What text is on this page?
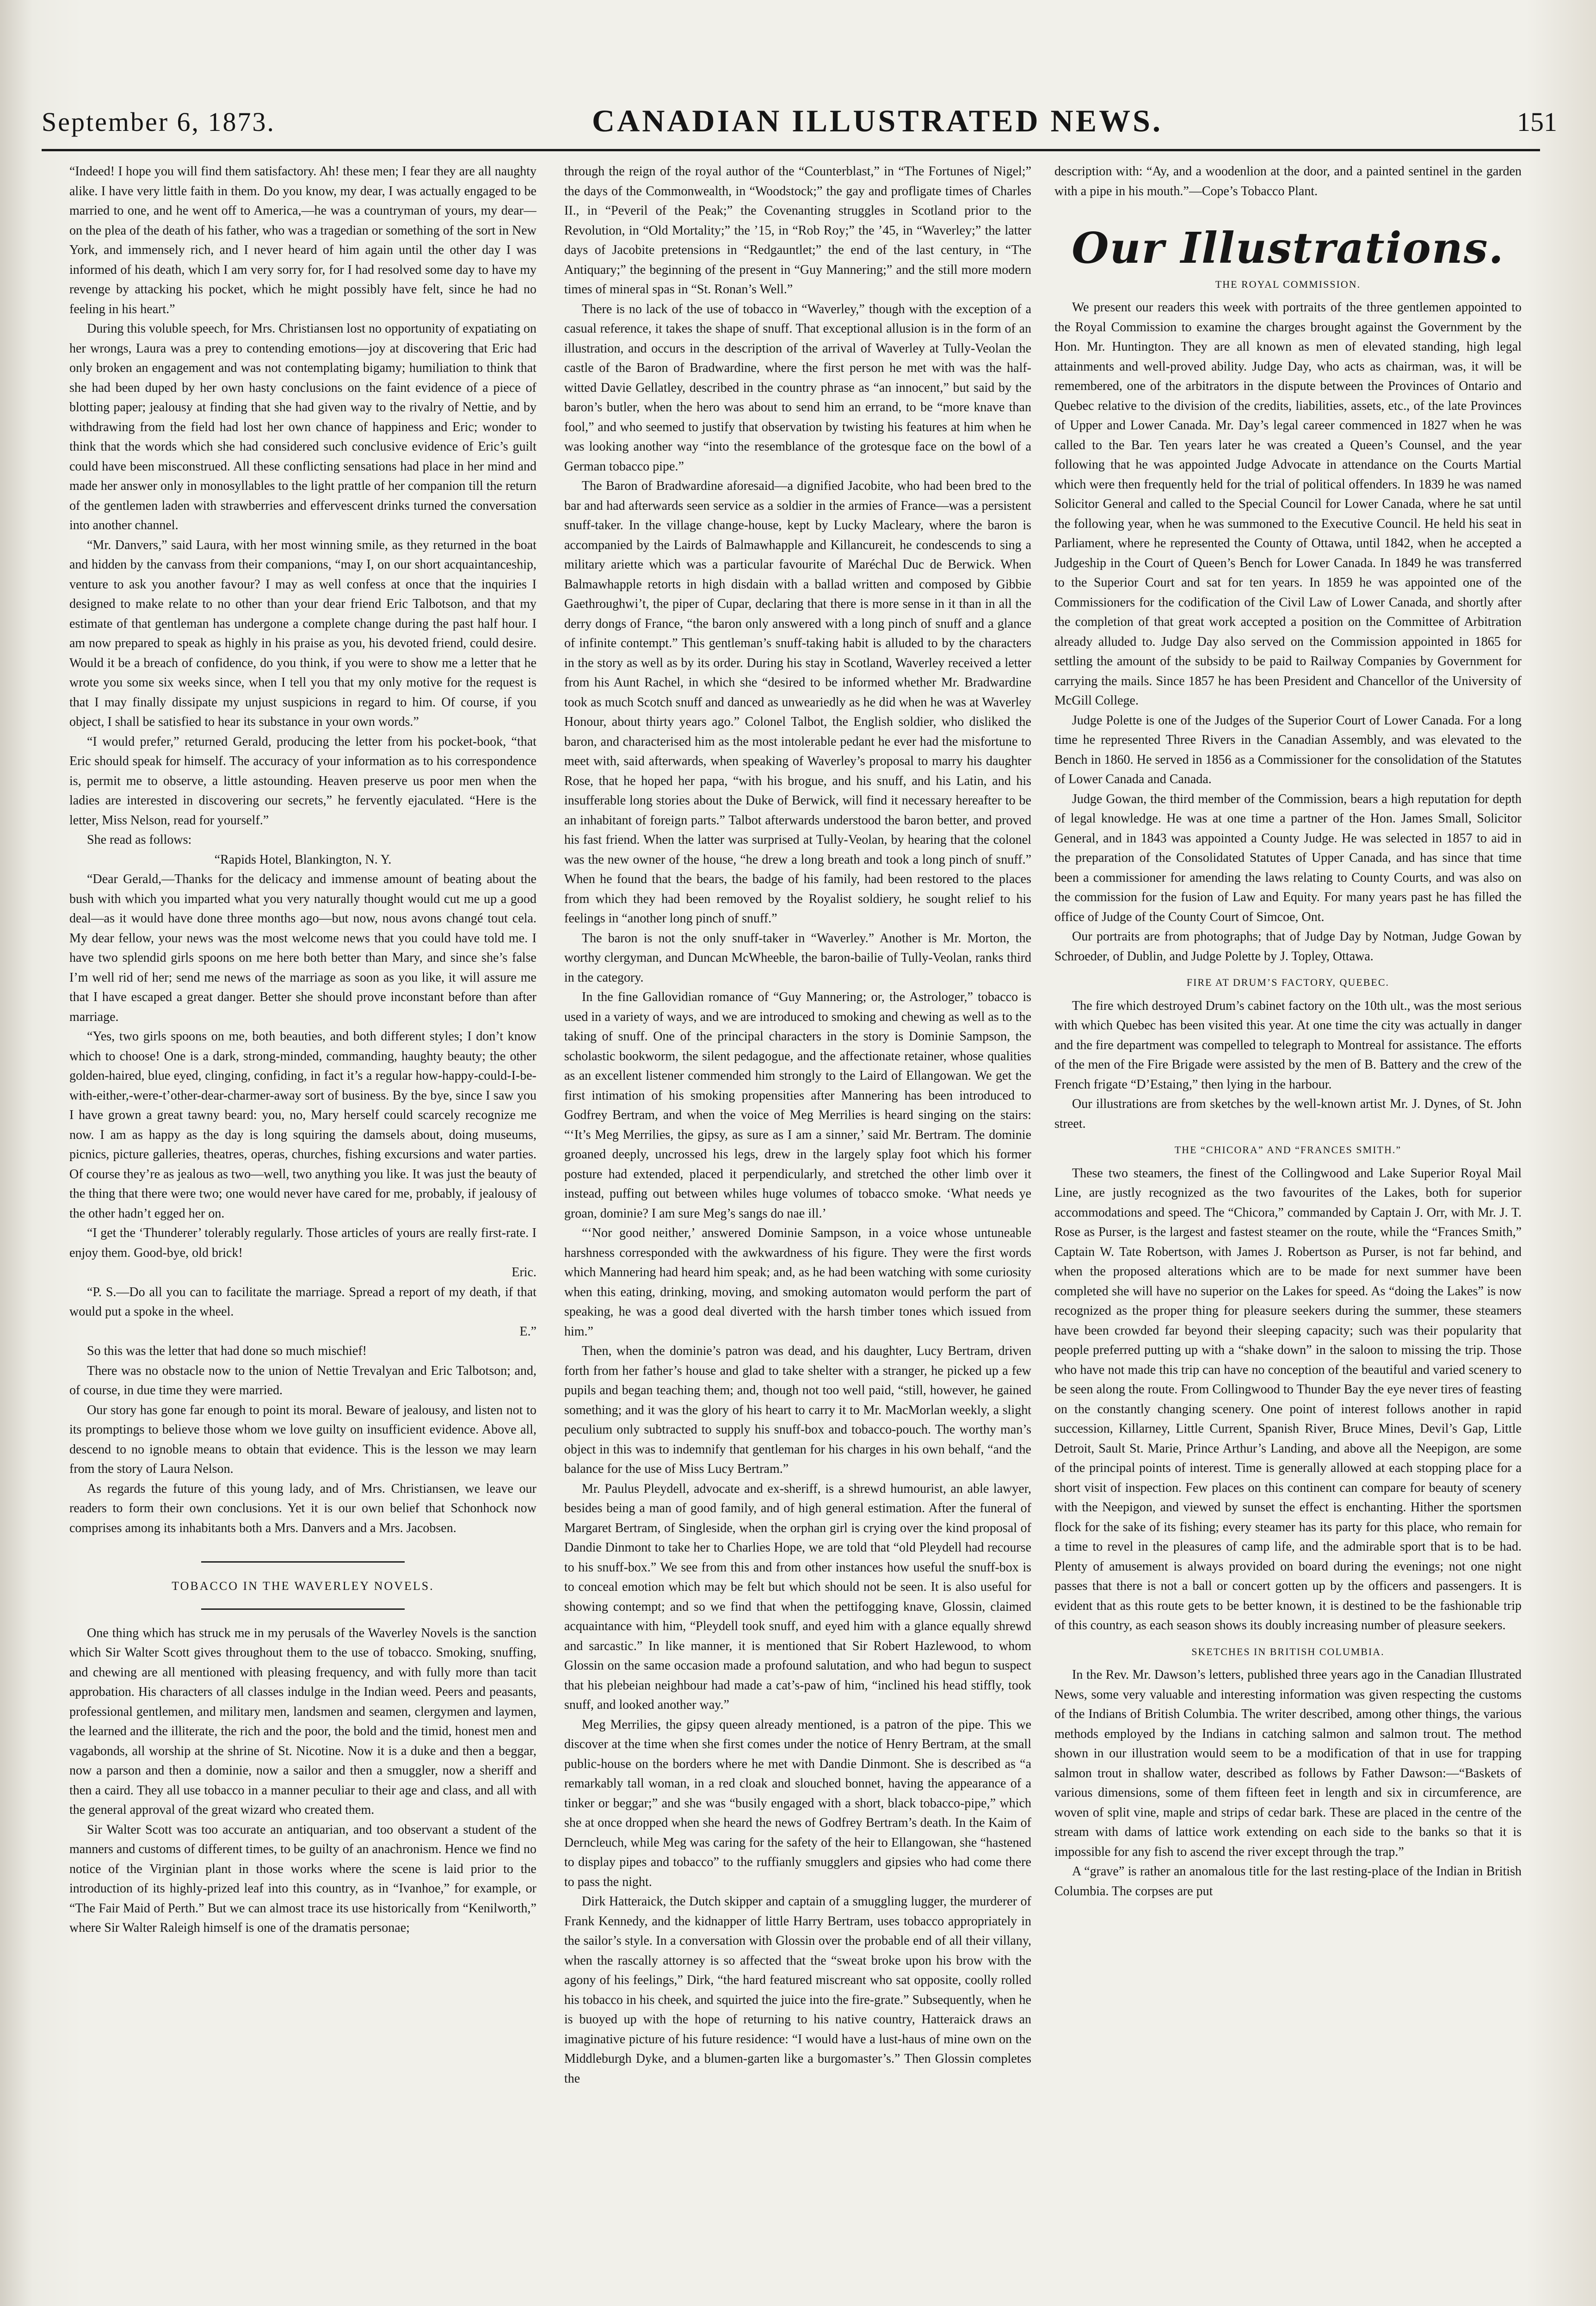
September 6, 1873.	CANADIAN ILLUSTRATED NEWS.	151

“Indeed! I hope you will find them satisfactory. Ah! these men; I fear they are all naughty alike. I have very little faith in them. Do you know, my dear, I was actually engaged to be married to one, and he went off to America,—he was a countryman of yours, my dear—on the plea of the death of his father, who was a tragedian or something of the sort in New York, and immensely rich, and I never heard of him again until the other day I was informed of his death, which I am very sorry for, for I had resolved some day to have my revenge by attacking his pocket, which he might possibly have felt, since he had no feeling in his heart.”

During this voluble speech, for Mrs. Christiansen lost no opportunity of expatiating on her wrongs, Laura was a prey to contending emotions—joy at discovering that Eric had only broken an engagement and was not contemplating bigamy; humiliation to think that she had been duped by her own hasty conclusions on the faint evidence of a piece of blotting paper; jealousy at finding that she had given way to the rivalry of Nettie, and by withdrawing from the field had lost her own chance of happiness and Eric; wonder to think that the words which she had considered such conclusive evidence of Eric’s guilt could have been misconstrued. All these conflicting sensations had place in her mind and made her answer only in monosyllables to the light prattle of her companion till the return of the gentlemen laden with strawberries and effervescent drinks turned the conversation into another channel.

“Mr. Danvers,” said Laura, with her most winning smile, as they returned in the boat and hidden by the canvass from their companions, “may I, on our short acquaintanceship, venture to ask you another favour? I may as well confess at once that the inquiries I designed to make relate to no other than your dear friend Eric Talbotson, and that my estimate of that gentleman has undergone a complete change during the past half hour. I am now prepared to speak as highly in his praise as you, his devoted friend, could desire. Would it be a breach of confidence, do you think, if you were to show me a letter that he wrote you some six weeks since, when I tell you that my only motive for the request is that I may finally dissipate my unjust suspicions in regard to him. Of course, if you object, I shall be satisfied to hear its substance in your own words.”

“I would prefer,” returned Gerald, producing the letter from his pocket-book, “that Eric should speak for himself. The accuracy of your information as to his correspondence is, permit me to observe, a little astounding. Heaven preserve us poor men when the ladies are interested in discovering our secrets,” he fervently ejaculated. “Here is the letter, Miss Nelson, read for yourself.”

She read as follows:

“Rapids Hotel, Blankington, N. Y.

“Dear Gerald,—Thanks for the delicacy and immense amount of beating about the bush with which you imparted what you very naturally thought would cut me up a good deal—as it would have done three months ago—but now, nous avons changé tout cela. My dear fellow, your news was the most welcome news that you could have told me. I have two splendid girls spoons on me here both better than Mary, and since she’s false I’m well rid of her; send me news of the marriage as soon as you like, it will assure me that I have escaped a great danger. Better she should prove inconstant before than after marriage.

“Yes, two girls spoons on me, both beauties, and both different styles; I don’t know which to choose! One is a dark, strong-minded, commanding, haughty beauty; the other golden-haired, blue eyed, clinging, confiding, in fact it’s a regular how-happy-could-I-be-with-either,-were-t’other-dear-charmer-away sort of business. By the bye, since I saw you I have grown a great tawny beard: you, no, Mary herself could scarcely recognize me now. I am as happy as the day is long squiring the damsels about, doing museums, picnics, picture galleries, theatres, operas, churches, fishing excursions and water parties. Of course they’re as jealous as two—well, two anything you like. It was just the beauty of the thing that there were two; one would never have cared for me, probably, if jealousy of the other hadn’t egged her on.

“I get the ‘Thunderer’ tolerably regularly. Those articles of yours are really first-rate. I enjoy them. Good-bye, old brick!

Eric.

“P. S.—Do all you can to facilitate the marriage. Spread a report of my death, if that would put a spoke in the wheel.

E.”

So this was the letter that had done so much mischief!

There was no obstacle now to the union of Nettie Trevalyan and Eric Talbotson; and, of course, in due time they were married.

Our story has gone far enough to point its moral. Beware of jealousy, and listen not to its promptings to believe those whom we love guilty on insufficient evidence. Above all, descend to no ignoble means to obtain that evidence. This is the lesson we may learn from the story of Laura Nelson.

As regards the future of this young lady, and of Mrs. Christiansen, we leave our readers to form their own conclusions. Yet it is our own belief that Schonhock now comprises among its inhabitants both a Mrs. Danvers and a Mrs. Jacobsen.

TOBACCO IN THE WAVERLEY NOVELS.

One thing which has struck me in my perusals of the Waverley Novels is the sanction which Sir Walter Scott gives throughout them to the use of tobacco. Smoking, snuffing, and chewing are all mentioned with pleasing frequency, and with fully more than tacit approbation. His characters of all classes indulge in the Indian weed. Peers and peasants, professional gentlemen, and military men, landsmen and seamen, clergymen and laymen, the learned and the illiterate, the rich and the poor, the bold and the timid, honest men and vagabonds, all worship at the shrine of St. Nicotine. Now it is a duke and then a beggar, now a parson and then a dominie, now a sailor and then a smuggler, now a sheriff and then a caird. They all use tobacco in a manner peculiar to their age and class, and all with the general approval of the great wizard who created them.

Sir Walter Scott was too accurate an antiquarian, and too observant a student of the manners and customs of different times, to be guilty of an anachronism. Hence we find no notice of the Virginian plant in those works where the scene is laid prior to the introduction of its highly-prized leaf into this country, as in “Ivanhoe,” for example, or “The Fair Maid of Perth.” But we can almost trace its use historically from “Kenilworth,” where Sir Walter Raleigh himself is one of the dramatis personae;

through the reign of the royal author of the “Counterblast,” in “The Fortunes of Nigel;” the days of the Commonwealth, in “Woodstock;” the gay and profligate times of Charles II., in “Peveril of the Peak;” the Covenanting struggles in Scotland prior to the Revolution, in “Old Mortality;” the ’15, in “Rob Roy;” the ’45, in “Waverley;” the latter days of Jacobite pretensions in “Redgauntlet;” the end of the last century, in “The Antiquary;” the beginning of the present in “Guy Mannering;” and the still more modern times of mineral spas in “St. Ronan’s Well.”

There is no lack of the use of tobacco in “Waverley,” though with the exception of a casual reference, it takes the shape of snuff. That exceptional allusion is in the form of an illustration, and occurs in the description of the arrival of Waverley at Tully-Veolan the castle of the Baron of Bradwardine, where the first person he met with was the half-witted Davie Gellatley, described in the country phrase as “an innocent,” but said by the baron’s butler, when the hero was about to send him an errand, to be “more knave than fool,” and who seemed to justify that observation by twisting his features at him when he was looking another way “into the resemblance of the grotesque face on the bowl of a German tobacco pipe.”

The Baron of Bradwardine aforesaid—a dignified Jacobite, who had been bred to the bar and had afterwards seen service as a soldier in the armies of France—was a persistent snuff-taker. In the village change-house, kept by Lucky Macleary, where the baron is accompanied by the Lairds of Balmawhapple and Killancureit, he condescends to sing a military ariette which was a particular favourite of Maréchal Duc de Berwick. When Balmawhapple retorts in high disdain with a ballad written and composed by Gibbie Gaethroughwi’t, the piper of Cupar, declaring that there is more sense in it than in all the derry dongs of France, “the baron only answered with a long pinch of snuff and a glance of infinite contempt.” This gentleman’s snuff-taking habit is alluded to by the characters in the story as well as by its order. During his stay in Scotland, Waverley received a letter from his Aunt Rachel, in which she “desired to be informed whether Mr. Bradwardine took as much Scotch snuff and danced as unweariedly as he did when he was at Waverley Honour, about thirty years ago.” Colonel Talbot, the English soldier, who disliked the baron, and characterised him as the most intolerable pedant he ever had the misfortune to meet with, said afterwards, when speaking of Waverley’s proposal to marry his daughter Rose, that he hoped her papa, “with his brogue, and his snuff, and his Latin, and his insufferable long stories about the Duke of Berwick, will find it necessary hereafter to be an inhabitant of foreign parts.” Talbot afterwards understood the baron better, and proved his fast friend. When the latter was surprised at Tully-Veolan, by hearing that the colonel was the new owner of the house, “he drew a long breath and took a long pinch of snuff.” When he found that the bears, the badge of his family, had been restored to the places from which they had been removed by the Royalist soldiery, he sought relief to his feelings in “another long pinch of snuff.”

The baron is not the only snuff-taker in “Waverley.” Another is Mr. Morton, the worthy clergyman, and Duncan McWheeble, the baron-bailie of Tully-Veolan, ranks third in the category.

In the fine Gallovidian romance of “Guy Mannering; or, the Astrologer,” tobacco is used in a variety of ways, and we are introduced to smoking and chewing as well as to the taking of snuff. One of the principal characters in the story is Dominie Sampson, the scholastic bookworm, the silent pedagogue, and the affectionate retainer, whose qualities as an excellent listener commended him strongly to the Laird of Ellangowan. We get the first intimation of his smoking propensities after Mannering has been introduced to Godfrey Bertram, and when the voice of Meg Merrilies is heard singing on the stairs: “‘It’s Meg Merrilies, the gipsy, as sure as I am a sinner,’ said Mr. Bertram. The dominie groaned deeply, uncrossed his legs, drew in the largely splay foot which his former posture had extended, placed it perpendicularly, and stretched the other limb over it instead, puffing out between whiles huge volumes of tobacco smoke. ‘What needs ye groan, dominie? I am sure Meg’s sangs do nae ill.’

“‘Nor good neither,’ answered Dominie Sampson, in a voice whose untuneable harshness corresponded with the awkwardness of his figure. They were the first words which Mannering had heard him speak; and, as he had been watching with some curiosity when this eating, drinking, moving, and smoking automaton would perform the part of speaking, he was a good deal diverted with the harsh timber tones which issued from him.”

Then, when the dominie’s patron was dead, and his daughter, Lucy Bertram, driven forth from her father’s house and glad to take shelter with a stranger, he picked up a few pupils and began teaching them; and, though not too well paid, “still, however, he gained something; and it was the glory of his heart to carry it to Mr. MacMorlan weekly, a slight peculium only subtracted to supply his snuff-box and tobacco-pouch. The worthy man’s object in this was to indemnify that gentleman for his charges in his own behalf, “and the balance for the use of Miss Lucy Bertram.”

Mr. Paulus Pleydell, advocate and ex-sheriff, is a shrewd humourist, an able lawyer, besides being a man of good family, and of high general estimation. After the funeral of Margaret Bertram, of Singleside, when the orphan girl is crying over the kind proposal of Dandie Dinmont to take her to Charlies Hope, we are told that “old Pleydell had recourse to his snuff-box.” We see from this and from other instances how useful the snuff-box is to conceal emotion which may be felt but which should not be seen. It is also useful for showing contempt; and so we find that when the pettifogging knave, Glossin, claimed acquaintance with him, “Pleydell took snuff, and eyed him with a glance equally shrewd and sarcastic.” In like manner, it is mentioned that Sir Robert Hazlewood, to whom Glossin on the same occasion made a profound salutation, and who had begun to suspect that his plebeian neighbour had made a cat’s-paw of him, “inclined his head stiffly, took snuff, and looked another way.”

Meg Merrilies, the gipsy queen already mentioned, is a patron of the pipe. This we discover at the time when she first comes under the notice of Henry Bertram, at the small public-house on the borders where he met with Dandie Dinmont. She is described as “a remarkably tall woman, in a red cloak and slouched bonnet, having the appearance of a tinker or beggar;” and she was “busily engaged with a short, black tobacco-pipe,” which she at once dropped when she heard the news of Godfrey Bertram’s death. In the Kaim of Derncleuch, while Meg was caring for the safety of the heir to Ellangowan, she “hastened to display pipes and tobacco” to the ruffianly smugglers and gipsies who had come there to pass the night.

Dirk Hatteraick, the Dutch skipper and captain of a smuggling lugger, the murderer of Frank Kennedy, and the kidnapper of little Harry Bertram, uses tobacco appropriately in the sailor’s style. In a conversation with Glossin over the probable end of all their villany, when the rascally attorney is so affected that the “sweat broke upon his brow with the agony of his feelings,” Dirk, “the hard featured miscreant who sat opposite, coolly rolled his tobacco in his cheek, and squirted the juice into the fire-grate.” Subsequently, when he is buoyed up with the hope of returning to his native country, Hatteraick draws an imaginative picture of his future residence: “I would have a lust-haus of mine own on the Middleburgh Dyke, and a blumen-garten like a burgomaster’s.” Then Glossin completes the

description with: “Ay, and a woodenlion at the door, and a painted sentinel in the garden with a pipe in his mouth.”—Cope’s Tobacco Plant.

Our Illustrations.
THE ROYAL COMMISSION.

We present our readers this week with portraits of the three gentlemen appointed to the Royal Commission to examine the charges brought against the Government by the Hon. Mr. Huntington. They are all known as men of elevated standing, high legal attainments and well-proved ability. Judge Day, who acts as chairman, was, it will be remembered, one of the arbitrators in the dispute between the Provinces of Ontario and Quebec relative to the division of the credits, liabilities, assets, etc., of the late Provinces of Upper and Lower Canada. Mr. Day’s legal career commenced in 1827 when he was called to the Bar. Ten years later he was created a Queen’s Counsel, and the year following that he was appointed Judge Advocate in attendance on the Courts Martial which were then frequently held for the trial of political offenders. In 1839 he was named Solicitor General and called to the Special Council for Lower Canada, where he sat until the following year, when he was summoned to the Executive Council. He held his seat in Parliament, where he represented the County of Ottawa, until 1842, when he accepted a Judgeship in the Court of Queen’s Bench for Lower Canada. In 1849 he was transferred to the Superior Court and sat for ten years. In 1859 he was appointed one of the Commissioners for the codification of the Civil Law of Lower Canada, and shortly after the completion of that great work accepted a position on the Committee of Arbitration already alluded to. Judge Day also served on the Commission appointed in 1865 for settling the amount of the subsidy to be paid to Railway Companies by Government for carrying the mails. Since 1857 he has been President and Chancellor of the University of McGill College.

Judge Polette is one of the Judges of the Superior Court of Lower Canada. For a long time he represented Three Rivers in the Canadian Assembly, and was elevated to the Bench in 1860. He served in 1856 as a Commissioner for the consolidation of the Statutes of Lower Canada and Canada.

Judge Gowan, the third member of the Commission, bears a high reputation for depth of legal knowledge. He was at one time a partner of the Hon. James Small, Solicitor General, and in 1843 was appointed a County Judge. He was selected in 1857 to aid in the preparation of the Consolidated Statutes of Upper Canada, and has since that time been a commissioner for amending the laws relating to County Courts, and was also on the commission for the fusion of Law and Equity. For many years past he has filled the office of Judge of the County Court of Simcoe, Ont.

Our portraits are from photographs; that of Judge Day by Notman, Judge Gowan by Schroeder, of Dublin, and Judge Polette by J. Topley, Ottawa.

FIRE AT DRUM’S FACTORY, QUEBEC.

The fire which destroyed Drum’s cabinet factory on the 10th ult., was the most serious with which Quebec has been visited this year. At one time the city was actually in danger and the fire department was compelled to telegraph to Montreal for assistance. The efforts of the men of the Fire Brigade were assisted by the men of B. Battery and the crew of the French frigate “D’Estaing,” then lying in the harbour.

Our illustrations are from sketches by the well-known artist Mr. J. Dynes, of St. John street.

THE “CHICORA” AND “FRANCES SMITH.”

These two steamers, the finest of the Collingwood and Lake Superior Royal Mail Line, are justly recognized as the two favourites of the Lakes, both for superior accommodations and speed. The “Chicora,” commanded by Captain J. Orr, with Mr. J. T. Rose as Purser, is the largest and fastest steamer on the route, while the “Frances Smith,” Captain W. Tate Robertson, with James J. Robertson as Purser, is not far behind, and when the proposed alterations which are to be made for next summer have been completed she will have no superior on the Lakes for speed. As “doing the Lakes” is now recognized as the proper thing for pleasure seekers during the summer, these steamers have been crowded far beyond their sleeping capacity; such was their popularity that people preferred putting up with a “shake down” in the saloon to missing the trip. Those who have not made this trip can have no conception of the beautiful and varied scenery to be seen along the route. From Collingwood to Thunder Bay the eye never tires of feasting on the constantly changing scenery. One point of interest follows another in rapid succession, Killarney, Little Current, Spanish River, Bruce Mines, Devil’s Gap, Little Detroit, Sault St. Marie, Prince Arthur’s Landing, and above all the Neepigon, are some of the principal points of interest. Time is generally allowed at each stopping place for a short visit of inspection. Few places on this continent can compare for beauty of scenery with the Neepigon, and viewed by sunset the effect is enchanting. Hither the sportsmen flock for the sake of its fishing; every steamer has its party for this place, who remain for a time to revel in the pleasures of camp life, and the admirable sport that is to be had. Plenty of amusement is always provided on board during the evenings; not one night passes that there is not a ball or concert gotten up by the officers and passengers. It is evident that as this route gets to be better known, it is destined to be the fashionable trip of this country, as each season shows its doubly increasing number of pleasure seekers.

SKETCHES IN BRITISH COLUMBIA.

In the Rev. Mr. Dawson’s letters, published three years ago in the Canadian Illustrated News, some very valuable and interesting information was given respecting the customs of the Indians of British Columbia. The writer described, among other things, the various methods employed by the Indians in catching salmon and salmon trout. The method shown in our illustration would seem to be a modification of that in use for trapping salmon trout in shallow water, described as follows by Father Dawson:—“Baskets of various dimensions, some of them fifteen feet in length and six in circumference, are woven of split vine, maple and strips of cedar bark. These are placed in the centre of the stream with dams of lattice work extending on each side to the banks so that it is impossible for any fish to ascend the river except through the trap.”

A “grave” is rather an anomalous title for the last resting-place of the Indian in British Columbia. The corpses are put
